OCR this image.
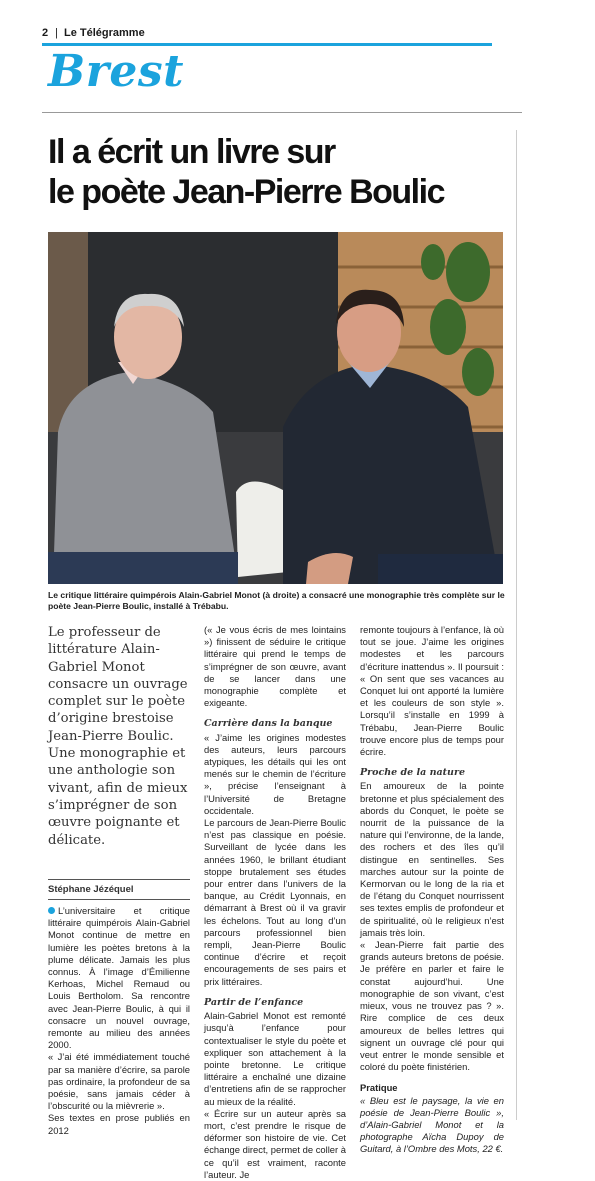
2 | Le Télégramme
Brest
Il a écrit un livre sur
le poète Jean-Pierre Boulic
Le critique littéraire quimpérois Alain-Gabriel Monot (à droite) a consacré une monographie très complète sur le poète Jean-Pierre Boulic, installé à Trébabu.
Le professeur de littérature Alain-Gabriel Monot consacre un ouvrage complet sur le poète d’origine brestoise Jean-Pierre Boulic. Une monographie et une anthologie son vivant, afin de mieux s’imprégner de son œuvre poignante et délicate.
Stéphane Jézéquel

L’universitaire et critique littéraire quimpérois Alain-Gabriel Monot continue de mettre en lumière les poètes bretons à la plume délicate. Jamais les plus connus. À l’image d’Émilienne Kerhoas, Michel Remaud ou Louis Bertholom. Sa rencontre avec Jean-Pierre Boulic, à qui il consacre un nouvel ouvrage, remonte au milieu des années 2000.

« J’ai été immédiatement touché par sa manière d’écrire, sa parole pas ordinaire, la profondeur de sa poésie, sans jamais céder à l’obscurité ou la mièvrerie ».

Ses textes en prose publiés en 2012

(« Je vous écris de mes lointains ») finissent de séduire le critique littéraire qui prend le temps de s’imprégner de son œuvre, avant de se lancer dans une monographie complète et exigeante.

Carrière dans la banque

« J’aime les origines modestes des auteurs, leurs parcours atypiques, les détails qui les ont menés sur le chemin de l’écriture », précise l’enseignant à l’Université de Bretagne occidentale.

Le parcours de Jean-Pierre Boulic n’est pas classique en poésie. Surveillant de lycée dans les années 1960, le brillant étudiant stoppe brutalement ses études pour entrer dans l’univers de la banque, au Crédit Lyonnais, en démarrant à Brest où il va gravir les échelons. Tout au long d’un parcours professionnel bien rempli, Jean-Pierre Boulic continue d’écrire et reçoit encouragements de ses pairs et prix littéraires.

Partir de l’enfance

Alain-Gabriel Monot est remonté jusqu’à l’enfance pour contextualiser le style du poète et expliquer son attachement à la pointe bretonne. Le critique littéraire a enchaîné une dizaine d’entretiens afin de se rapprocher au mieux de la réalité.

« Écrire sur un auteur après sa mort, c’est prendre le risque de déformer son histoire de vie. Cet échange direct, permet de coller à ce qu’il est vraiment, raconte l’auteur. Je

remonte toujours à l’enfance, là où tout se joue. J’aime les origines modestes et les parcours d’écriture inattendus ». Il poursuit : « On sent que ses vacances au Conquet lui ont apporté la lumière et les couleurs de son style ». Lorsqu’il s’installe en 1999 à Trébabu, Jean-Pierre Boulic trouve encore plus de temps pour écrire.

Proche de la nature

En amoureux de la pointe bretonne et plus spécialement des abords du Conquet, le poète se nourrit de la puissance de la nature qui l’environne, de la lande, des rochers et des îles qu’il distingue en sentinelles. Ses marches autour sur la pointe de Kermorvan ou le long de la ria et de l’étang du Conquet nourrissent ses textes emplis de profondeur et de spiritualité, où le religieux n’est jamais très loin.

« Jean-Pierre fait partie des grands auteurs bretons de poésie. Je préfère en parler et faire le constat aujourd’hui. Une monographie de son vivant, c’est mieux, vous ne trouvez pas ? ». Rire complice de ces deux amoureux de belles lettres qui signent un ouvrage clé pour qui veut entrer le monde sensible et coloré du poète finistérien.

Pratique

« Bleu est le paysage, la vie en poésie de Jean-Pierre Boulic », d’Alain-Gabriel Monot et la photographe Aïcha Dupoy de Guitard, à l’Ombre des Mots, 22 €.
